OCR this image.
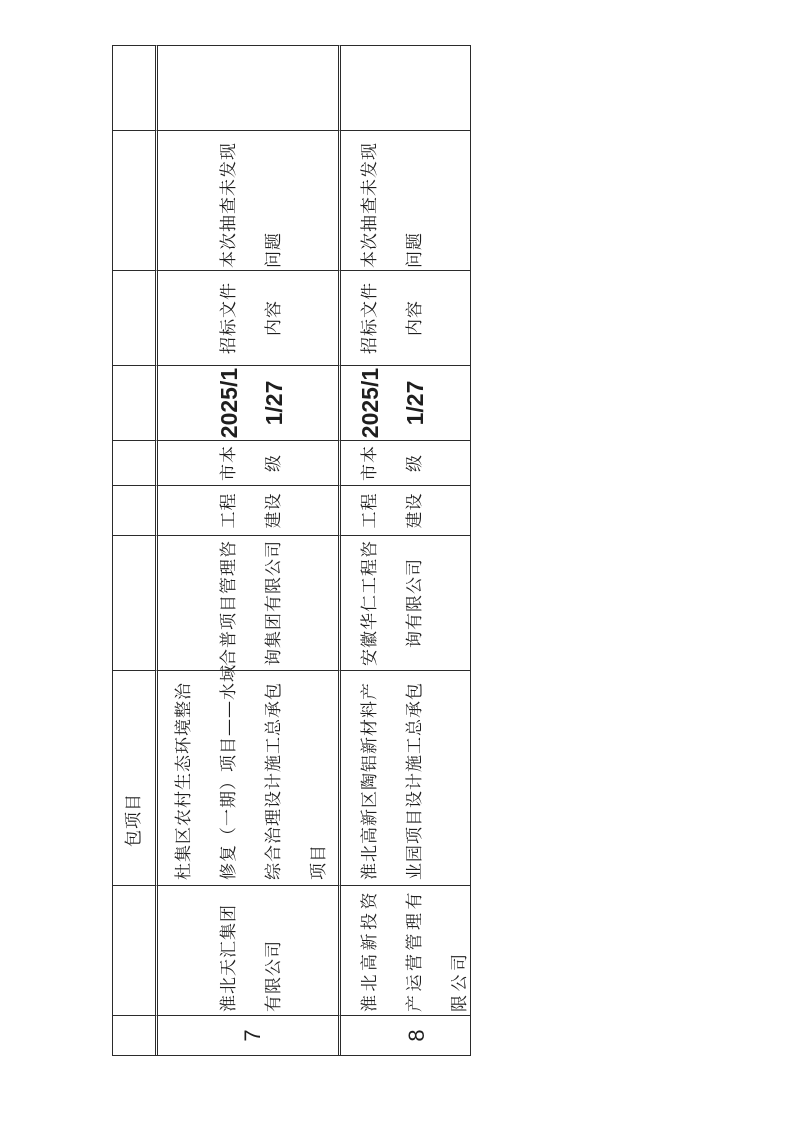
包项目
7
淮北天汇集团
有限公司
杜集区农村生态环境整治
修复（一期）项目——水域
综合治理设计施工总承包
项目
合普项目管理咨
询集团有限公司
工程
建设
市本
级
2025/11/27
招标文件
内容
本次抽查未发现
问题
8
淮北高新投资
产运营管理有
限公司
淮北高新区陶铝新材料产
业园项目设计施工总承包
安徽华仁工程咨
询有限公司
工程
建设
市本
级
2025/11/27
招标文件
内容
本次抽查未发现
问题
